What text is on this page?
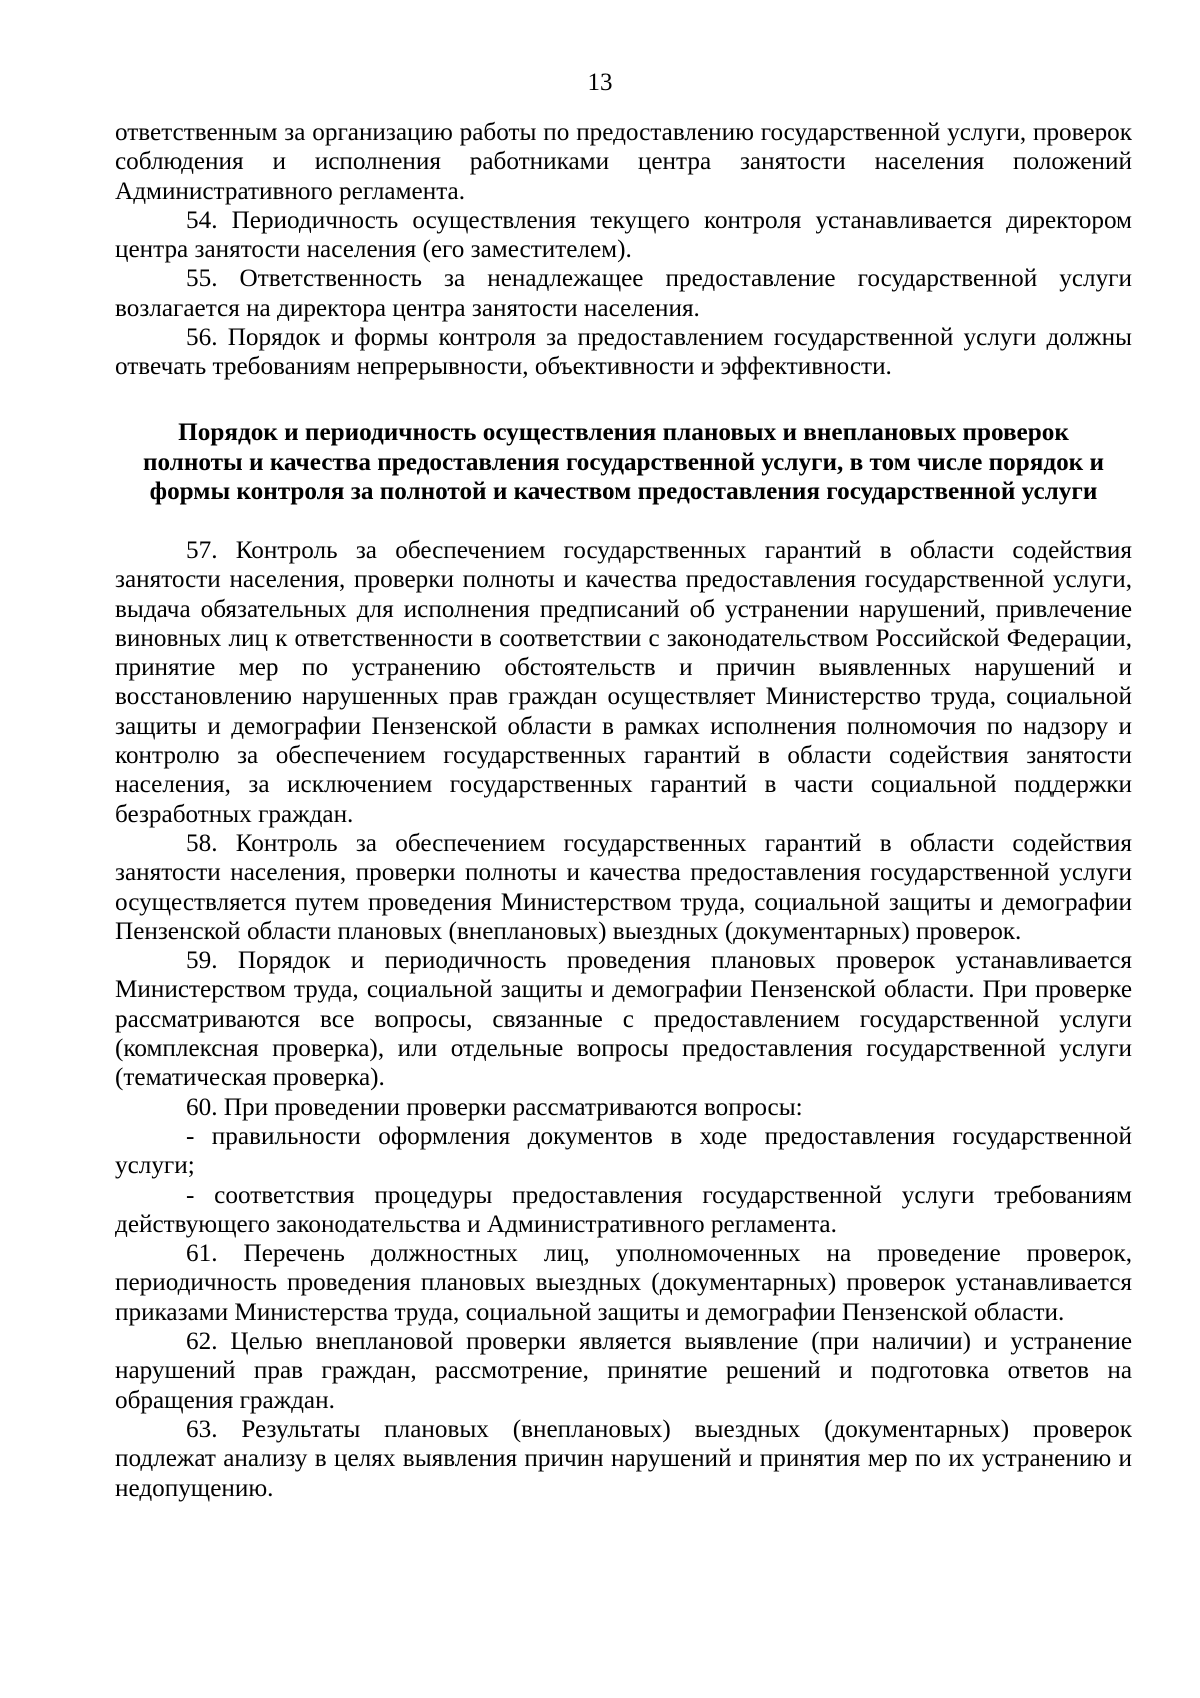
13

ответственным за организацию работы по предоставлению государственной услуги, проверок соблюдения и исполнения работниками центра занятости населения положений Административного регламента.

54. Периодичность осуществления текущего контроля устанавливается директором центра занятости населения (его заместителем).

55. Ответственность за ненадлежащее предоставление государственной услуги возлагается на директора центра занятости населения.

56. Порядок и формы контроля за предоставлением государственной услуги должны отвечать требованиям непрерывности, объективности и эффективности.

Порядок и периодичность осуществления плановых и внеплановых проверок
полноты и качества предоставления государственной услуги, в том числе порядок и
формы контроля за полнотой и качеством предоставления государственной услуги

57. Контроль за обеспечением государственных гарантий в области содействия занятости населения, проверки полноты и качества предоставления государственной услуги, выдача обязательных для исполнения предписаний об устранении нарушений, привлечение виновных лиц к ответственности в соответствии с законодательством Российской Федерации, принятие мер по устранению обстоятельств и причин выявленных нарушений и восстановлению нарушенных прав граждан осуществляет Министерство труда, социальной защиты и демографии Пензенской области в рамках исполнения полномочия по надзору и контролю за обеспечением государственных гарантий в области содействия занятости населения, за исключением государственных гарантий в части социальной поддержки безработных граждан.

58. Контроль за обеспечением государственных гарантий в области содействия занятости населения, проверки полноты и качества предоставления государственной услуги осуществляется путем проведения Министерством труда, социальной защиты и демографии Пензенской области плановых (внеплановых) выездных (документарных) проверок.

59. Порядок и периодичность проведения плановых проверок устанавливается Министерством труда, социальной защиты и демографии Пензенской области. При проверке рассматриваются все вопросы, связанные с предоставлением государственной услуги (комплексная проверка), или отдельные вопросы предоставления государственной услуги (тематическая проверка).

60. При проведении проверки рассматриваются вопросы:

- правильности оформления документов в ходе предоставления государственной услуги;

- соответствия процедуры предоставления государственной услуги требованиям действующего законодательства и Административного регламента.

61. Перечень должностных лиц, уполномоченных на проведение проверок, периодичность проведения плановых выездных (документарных) проверок устанавливается приказами Министерства труда, социальной защиты и демографии Пензенской области.

62. Целью внеплановой проверки является выявление (при наличии) и устранение нарушений прав граждан, рассмотрение, принятие решений и подготовка ответов на обращения граждан.

63. Результаты плановых (внеплановых) выездных (документарных) проверок подлежат анализу в целях выявления причин нарушений и принятия мер по их устранению и недопущению.
